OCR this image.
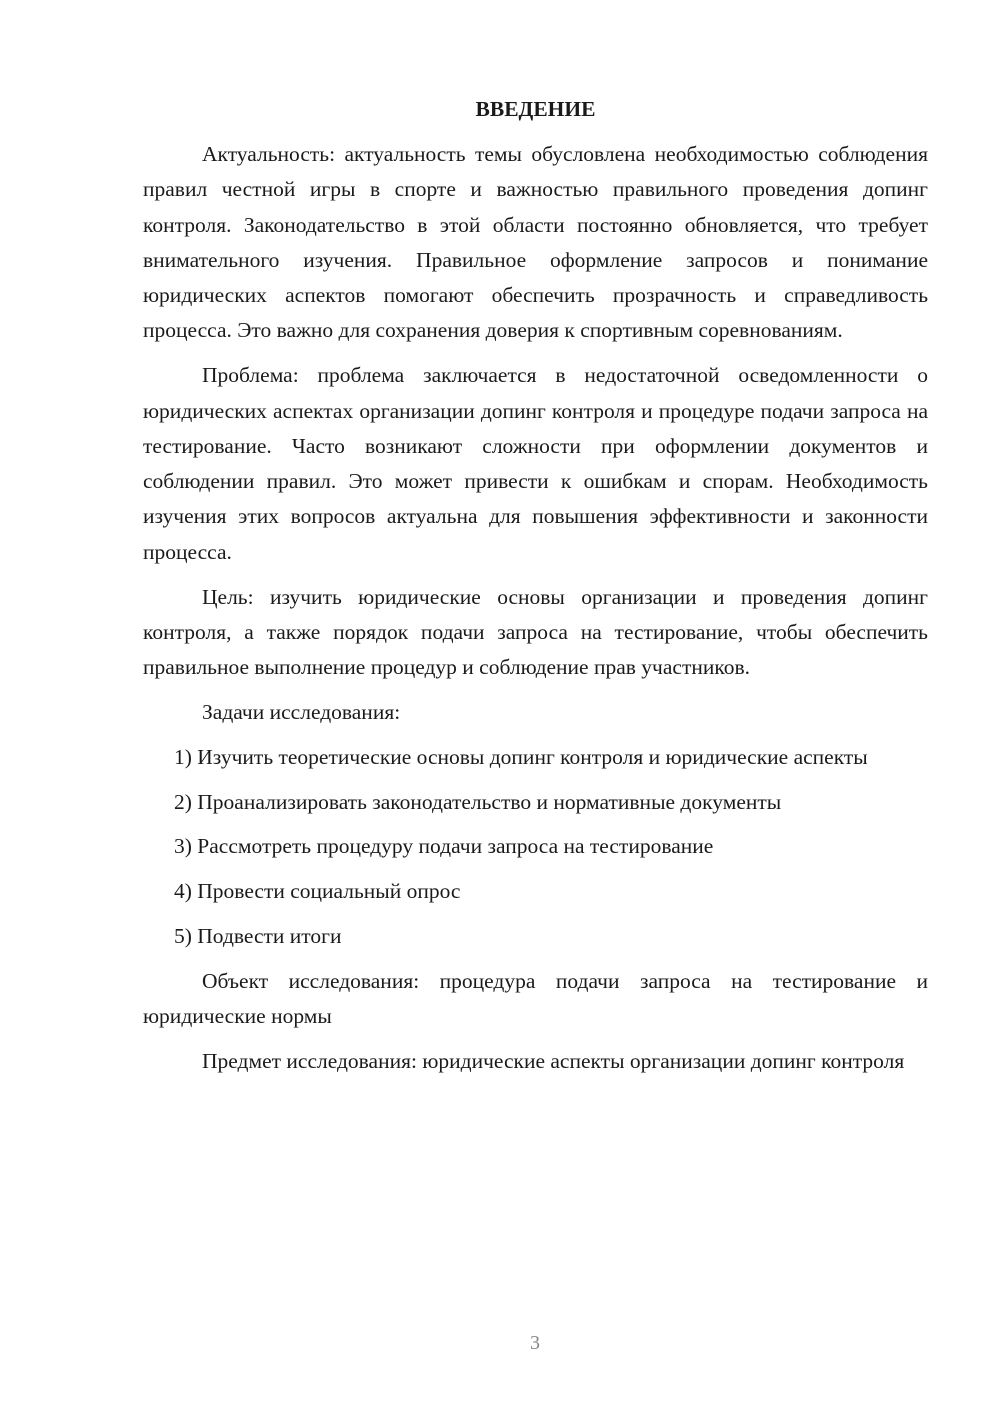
ВВЕДЕНИЕ

Актуальность: актуальность темы обусловлена необходимостью соблюдения правил честной игры в спорте и важностью правильного проведения допинг контроля. Законодательство в этой области постоянно обновляется, что требует внимательного изучения. Правильное оформление запросов и понимание юридических аспектов помогают обеспечить прозрачность и справедливость процесса. Это важно для сохранения доверия к спортивным соревнованиям.

Проблема: проблема заключается в недостаточной осведомленности о юридических аспектах организации допинг контроля и процедуре подачи запроса на тестирование. Часто возникают сложности при оформлении документов и соблюдении правил. Это может привести к ошибкам и спорам. Необходимость изучения этих вопросов актуальна для повышения эффективности и законности процесса.

Цель: изучить юридические основы организации и проведения допинг контроля, а также порядок подачи запроса на тестирование, чтобы обеспечить правильное выполнение процедур и соблюдение прав участников.

Задачи исследования:

1) Изучить теоретические основы допинг контроля и юридические аспекты

2) Проанализировать законодательство и нормативные документы

3) Рассмотреть процедуру подачи запроса на тестирование

4) Провести социальный опрос

5) Подвести итоги

Объект исследования: процедура подачи запроса на тестирование и юридические нормы

Предмет исследования: юридические аспекты организации допинг контроля

3
